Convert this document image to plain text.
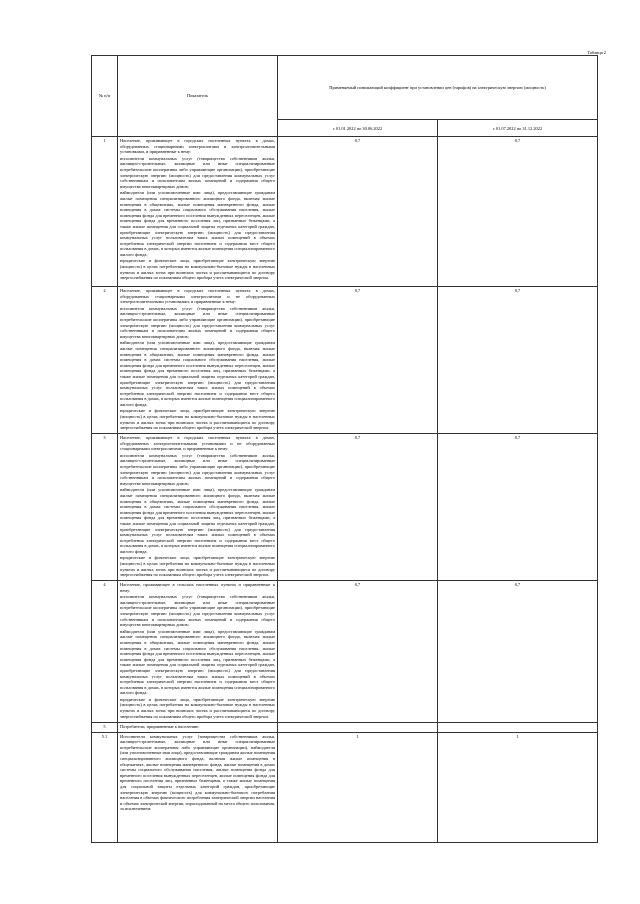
Таблица 2
№ п/п	Показатель	Применяемый понижающий коэффициент при установлении цен (тарифов) на электрическую энергию (мощность)	
		с 01.01.2022 по 30.06.2022	с 01.07.2022 по 31.12.2022
1	Население, проживающее в городских населенных пунктах в домах, оборудованных стационарными электроплитами и электроотопительными установками, и приравненные к нему:

исполнители коммунальных услуг (товарищества собственников жилья, жилищно-строительные, жилищные или иные специализированные потребительские кооперативы либо управляющие организации), приобретающие электрическую энергию (мощность) для предоставления коммунальных услуг собственникам и пользователям жилых помещений и содержания общего имущества многоквартирных домов;

наймодатели (или уполномоченные ими лица), предоставляющие гражданам жилые помещения специализированного жилищного фонда, включая жилые помещения в общежитиях, жилые помещения маневренного фонда, жилые помещения в домах системы социального обслуживания населения, жилые помещения фонда для временного поселения вынужденных переселенцев, жилые помещения фонда для временного поселения лиц, признанных беженцами, а также жилые помещения для социальной защиты отдельных категорий граждан, приобретающие электрическую энергию (мощность) для предоставления коммунальных услуг пользователям таких жилых помещений в объемах потребления электрической энергии населением и содержания мест общего пользования в домах, в которых имеются жилые помещения специализированного жилого фонда;

юридические и физические лица, приобретающие электрическую энергию (мощность) в целях потребления на коммунально-бытовые нужды в населенных пунктах и жилых зонах при воинских частях и рассчитывающиеся по договору энергоснабжения по показаниям общего прибора учета электрической энергии.	0,7	0,7
2	Население, проживающее в городских населенных пунктах в домах, оборудованных стационарными электроплитами и не оборудованных электроотопительными установками, и приравненные к нему:

исполнители коммунальных услуг (товарищества собственников жилья, жилищно-строительные, жилищные или иные специализированные потребительские кооперативы либо управляющие организации), приобретающие электрическую энергию (мощность) для предоставления коммунальных услуг собственникам и пользователям жилых помещений и содержания общего имущества многоквартирных домов;

наймодатели (или уполномоченные ими лица), предоставляющие гражданам жилые помещения специализированного жилищного фонда, включая жилые помещения в общежитиях, жилые помещения маневренного фонда, жилые помещения в домах системы социального обслуживания населения, жилые помещения фонда для временного поселения вынужденных переселенцев, жилые помещения фонда для временного поселения лиц, признанных беженцами, а также жилые помещения для социальной защиты отдельных категорий граждан, приобретающие электрическую энергию (мощность) для предоставления коммунальных услуг пользователям таких жилых помещений в объемах потребления электрической энергии населением и содержания мест общего пользования в домах, в которых имеются жилые помещения специализированного жилого фонда;

юридические и физические лица, приобретающие электрическую энергию (мощность) в целях потребления на коммунально-бытовые нужды в населенных пунктах и жилых зонах при воинских частях и рассчитывающиеся по договору энергоснабжения по показаниям общего прибора учета электрической энергии.	0,7	0,7
3	Население, проживающее в городских населенных пунктах в домах, оборудованных электроотопительными установками и не оборудованных стационарными электроплитами, и приравненные к нему:

исполнители коммунальных услуг (товарищества собственников жилья, жилищно-строительные, жилищные или иные специализированные потребительские кооперативы либо управляющие организации), приобретающие электрическую энергию (мощность) для предоставления коммунальных услуг собственникам и пользователям жилых помещений и содержания общего имущества многоквартирных домов;

наймодатели (или уполномоченные ими лица), предоставляющие гражданам жилые помещения специализированного жилищного фонда, включая жилые помещения в общежитиях, жилые помещения маневренного фонда, жилые помещения в домах системы социального обслуживания населения, жилые помещения фонда для временного поселения вынужденных переселенцев, жилые помещения фонда для временного поселения лиц, признанных беженцами, а также жилые помещения для социальной защиты отдельных категорий граждан, приобретающие электрическую энергию (мощность) для предоставления коммунальных услуг пользователям таких жилых помещений в объемах потребления электрической энергии населением и содержания мест общего пользования в домах, в которых имеются жилые помещения специализированного жилого фонда;

юридические и физические лица, приобретающие электрическую энергию (мощность) в целях потребления на коммунально-бытовые нужды в населенных пунктах и жилых зонах при воинских частях и рассчитывающиеся по договору энергоснабжения по показаниям общего прибора учета электрической энергии.	0,7	0,7
4	Население, проживающее в сельских населенных пунктах и приравненные к нему:

исполнители коммунальных услуг (товарищества собственников жилья, жилищно-строительные, жилищные или иные специализированные потребительские кооперативы либо управляющие организации), приобретающие электрическую энергию (мощность) для предоставления коммунальных услуг собственникам и пользователям жилых помещений и содержания общего имущества многоквартирных домов;

наймодатели (или уполномоченные ими лица), предоставляющие гражданам жилые помещения специализированного жилищного фонда, включая жилые помещения в общежитиях, жилые помещения маневренного фонда, жилые помещения в домах системы социального обслуживания населения, жилые помещения фонда для временного поселения вынужденных переселенцев, жилые помещения фонда для временного поселения лиц, признанных беженцами, а также жилые помещения для социальной защиты отдельных категорий граждан, приобретающие электрическую энергию (мощность) для предоставления коммунальных услуг пользователям таких жилых помещений в объемах потребления электрической энергии населением и содержания мест общего пользования в домах, в которых имеются жилые помещения специализированного жилого фонда;

юридические и физические лица, приобретающие электрическую энергию (мощность) в целях потребления на коммунально-бытовые нужды в населенных пунктах и жилых зонах при воинских частях и рассчитывающиеся по договору энергоснабжения по показаниям общего прибора учета электрической энергии.	0,7	0,7
5	Потребители, приравненные к населению:		

5.1	Исполнители коммунальных услуг (товарищества собственников жилья, жилищно-строительные, жилищные или иные специализированные потребительские кооперативы либо управляющие организации), наймодатели (или уполномоченные ими лица), предоставляющие гражданам жилые помещения специализированного жилищного фонда, включая жилые помещения в общежитиях, жилые помещения маневренного фонда, жилые помещения в домах системы социального обслуживания населения, жилые помещения фонда для временного поселения вынужденных переселенцев, жилые помещения фонда для временного поселения лиц, признанных беженцами, а также жилые помещения для социальной защиты отдельных категорий граждан, приобретающие электрическую энергию (мощность) для коммунально-бытового потребления населения в объемах фактического потребления электрической энергии населения и объемах электрической энергии, израсходованной на места общего пользования, за исключением:	1	1
